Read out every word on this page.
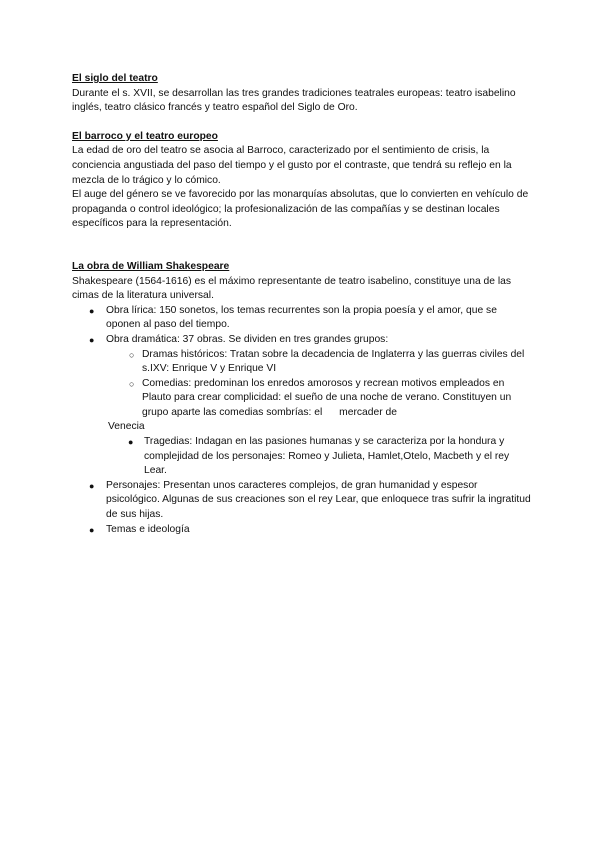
El siglo del teatro

Durante el s. XVII, se desarrollan las tres grandes tradiciones teatrales europeas: teatro isabelino inglés, teatro clásico francés y teatro español del Siglo de Oro.

El barroco y el teatro europeo

La edad de oro del teatro se asocia al Barroco, caracterizado por el sentimiento de crisis, la conciencia angustiada del paso del tiempo y el gusto por el contraste, que tendrá su reflejo en la mezcla de lo trágico y lo cómico.

El auge del género se ve favorecido por las monarquías absolutas, que lo convierten en vehículo de propaganda o control ideológico; la profesionalización de las compañías y se destinan locales específicos para la representación.

La obra de William Shakespeare

Shakespeare (1564-1616) es el máximo representante de teatro isabelino, constituye una de las cimas de la literatura universal.

● Obra lírica: 150 sonetos, los temas recurrentes son la propia poesía y el amor, que se oponen al paso del tiempo.
● Obra dramática: 37 obras. Se dividen en tres grandes grupos:
○ Dramas históricos: Tratan sobre la decadencia de Inglaterra y las guerras civiles del s.IXV: Enrique V y Enrique VI
○ Comedias: predominan los enredos amorosos y recrean motivos empleados en Plauto para crear complicidad: el sueño de una noche de verano. Constituyen un grupo aparte las comedias sombrías: el mercader de

Venecia

● Tragedias: Indagan en las pasiones humanas y se caracteriza por la hondura y complejidad de los personajes: Romeo y Julieta, Hamlet,Otelo, Macbeth y el rey Lear.
● Personajes: Presentan unos caracteres complejos, de gran humanidad y espesor psicológico. Algunas de sus creaciones son el rey Lear, que enloquece tras sufrir la ingratitud de sus hijas.
● Temas e ideología
